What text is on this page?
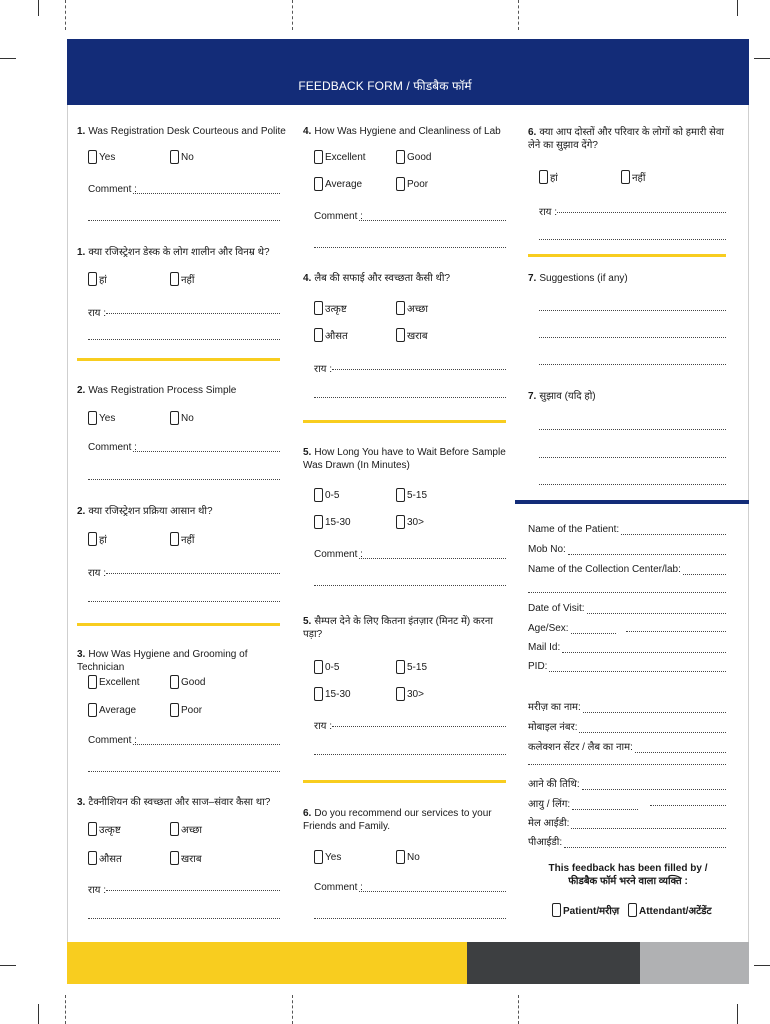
FEEDBACK FORM / फीडबैक फॉर्म
1. Was Registration Desk Courteous and Polite
Yes	No
Comment :
1. क्या रजिस्ट्रेशन डेस्क के लोग शालीन और विनम्र थे?
हां	नहीं
राय :
2. Was Registration Process Simple
Yes	No
Comment :
2. क्या रजिस्ट्रेशन प्रक्रिया आसान थी?
हां	नहीं
राय :
3. How Was Hygiene and Grooming of Technician
Excellent	Good
Average	Poor
Comment :
3. टैक्नीशियन की स्वच्छता और साज–संवार कैसा था?
उत्कृष्ट	अच्छा
औसत	खराब
राय :
4. How Was Hygiene and Cleanliness of Lab
Excellent	Good
Average	Poor
Comment :
4. लैब की सफाई और स्वच्छता कैसी थी?
उत्कृष्ट	अच्छा
औसत	खराब
राय :
5. How Long You have to Wait Before Sample Was Drawn (In Minutes)
0-5	5-15
15-30	30>
Comment :
5. सैम्पल देने के लिए कितना इंतज़ार (मिनट में) करना पड़ा?
0-5	5-15
15-30	30>
राय :
6. Do you recommend our services to your Friends and Family.
Yes	No
Comment :
6. क्या आप दोस्तों और परिवार के लोगों को हमारी सेवा लेने का सुझाव देंगे?
हां	नहीं
राय :
7. Suggestions (if any)
7. सुझाव (यदि हो)
Name of the Patient:
Mob No:
Name of the Collection Center/lab:
Date of Visit:
Age/Sex:
Mail Id:
PID:
मरीज़ का नाम:
मोबाइल नंबर:
कलेक्शन सेंटर / लैब का नाम:
आने की तिथि:
आयु / लिंग:
मेल आईडी:
पीआईडी:
This feedback has been filled by /
फीडबैक फॉर्म भरने वाला व्यक्ति :
Patient/मरीज़ Attendant/अटेंडेंट
